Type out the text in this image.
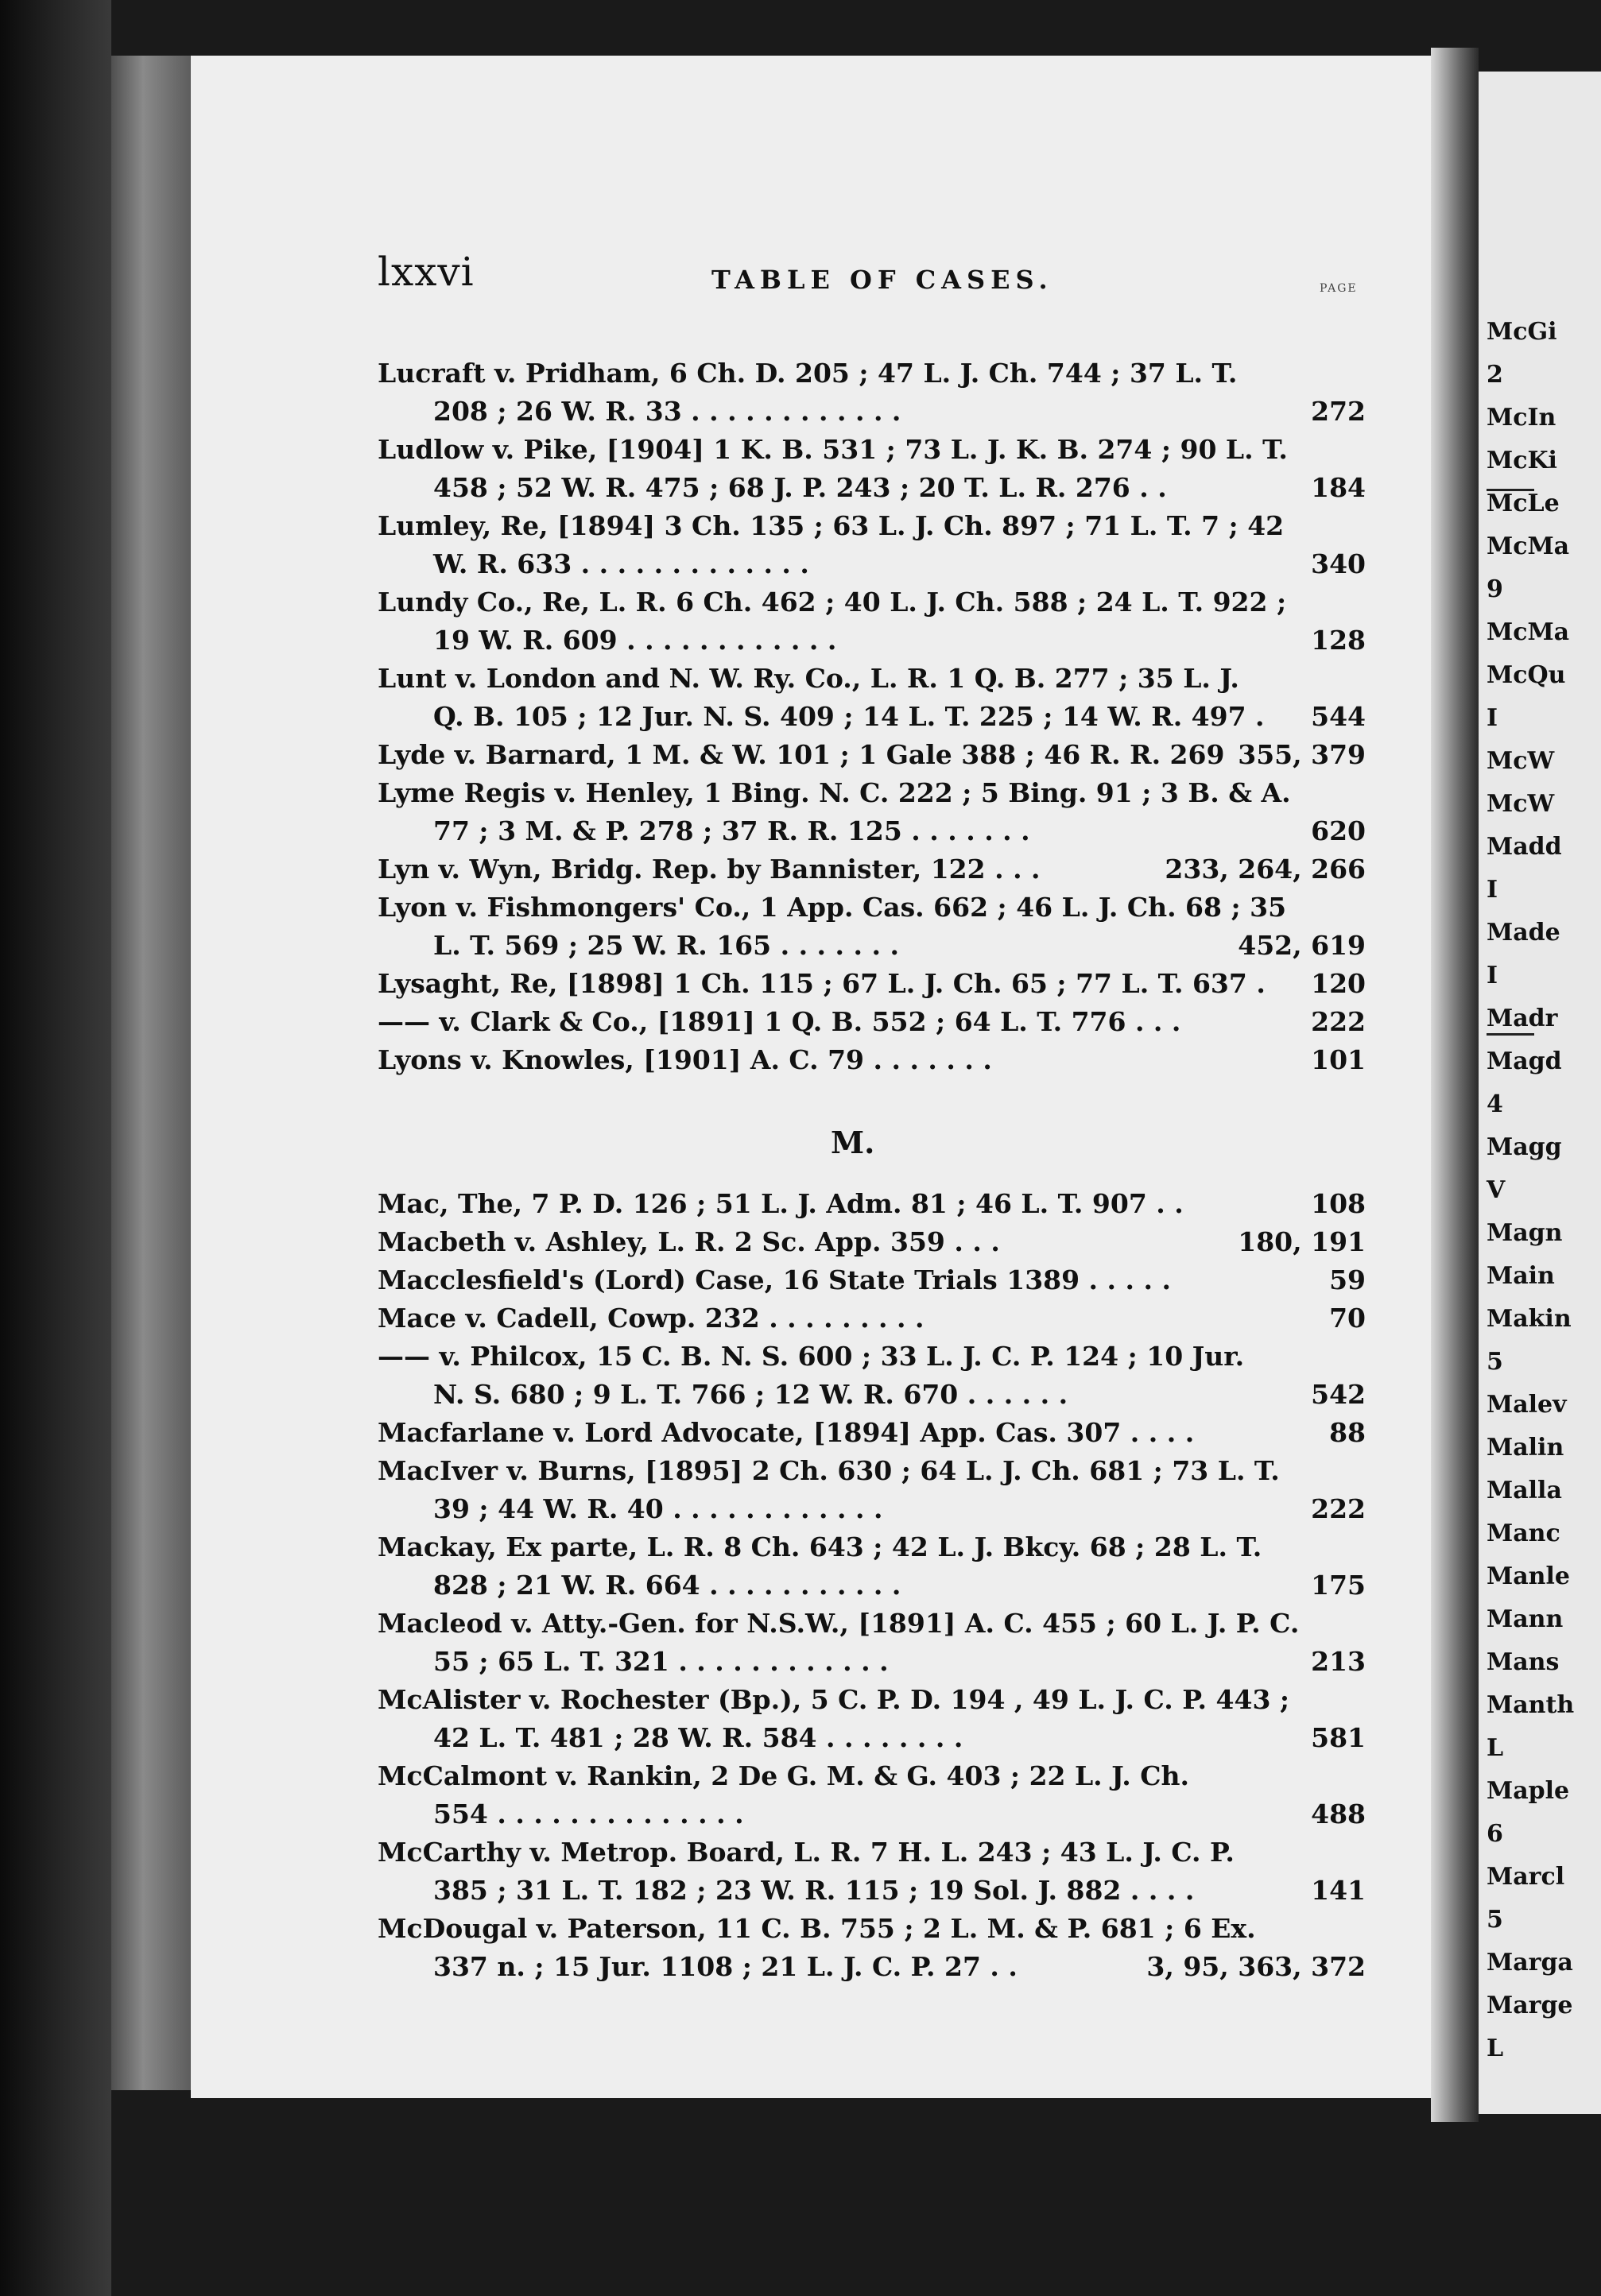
lxxvi	TABLE OF CASES.	PAGE
Lucraft v. Pridham, 6 Ch. D. 205 ; 47 L. J. Ch. 744 ; 37 L. T.
208 ; 26 W. R. 33 . . . . . . . . . . . .	272
Ludlow v. Pike, [1904] 1 K. B. 531 ; 73 L. J. K. B. 274 ; 90 L. T.
458 ; 52 W. R. 475 ; 68 J. P. 243 ; 20 T. L. R. 276 . .	184
Lumley, Re, [1894] 3 Ch. 135 ; 63 L. J. Ch. 897 ; 71 L. T. 7 ; 42
W. R. 633 . . . . . . . . . . . . .	340
Lundy Co., Re, L. R. 6 Ch. 462 ; 40 L. J. Ch. 588 ; 24 L. T. 922 ;
19 W. R. 609 . . . . . . . . . . . .	128
Lunt v. London and N. W. Ry. Co., L. R. 1 Q. B. 277 ; 35 L. J.
Q. B. 105 ; 12 Jur. N. S. 409 ; 14 L. T. 225 ; 14 W. R. 497 . 544
Lyde v. Barnard, 1 M. & W. 101 ; 1 Gale 388 ; 46 R. R. 269 355, 379
Lyme Regis v. Henley, 1 Bing. N. C. 222 ; 5 Bing. 91 ; 3 B. & A.
77 ; 3 M. & P. 278 ; 37 R. R. 125 . . . . . . .	620
Lyn v. Wyn, Bridg. Rep. by Bannister, 122 . . .	233, 264, 266
Lyon v. Fishmongers' Co., 1 App. Cas. 662 ; 46 L. J. Ch. 68 ; 35
L. T. 569 ; 25 W. R. 165 . . . . . . .	452, 619
Lysaght, Re, [1898] 1 Ch. 115 ; 67 L. J. Ch. 65 ; 77 L. T. 637 . 120
—— v. Clark & Co., [1891] 1 Q. B. 552 ; 64 L. T. 776 . . .	222
Lyons v. Knowles, [1901] A. C. 79 . . . . . . .	101
M.
Mac, The, 7 P. D. 126 ; 51 L. J. Adm. 81 ; 46 L. T. 907 . .	108
Macbeth v. Ashley, L. R. 2 Sc. App. 359 . . .	180, 191
Macclesfield's (Lord) Case, 16 State Trials 1389 . . . . .	59
Mace v. Cadell, Cowp. 232 . . . . . . . . .	70
—— v. Philcox, 15 C. B. N. S. 600 ; 33 L. J. C. P. 124 ; 10 Jur.
N. S. 680 ; 9 L. T. 766 ; 12 W. R. 670 . . . . . .	542
Macfarlane v. Lord Advocate, [1894] App. Cas. 307 . . . .	88
MacIver v. Burns, [1895] 2 Ch. 630 ; 64 L. J. Ch. 681 ; 73 L. T.
39 ; 44 W. R. 40 . . . . . . . . . . . .	222
Mackay, Ex parte, L. R. 8 Ch. 643 ; 42 L. J. Bkcy. 68 ; 28 L. T.
828 ; 21 W. R. 664 . . . . . . . . . . .	175
Macleod v. Atty.-Gen. for N.S.W., [1891] A. C. 455 ; 60 L. J. P. C.
55 ; 65 L. T. 321 . . . . . . . . . . . .	213
McAlister v. Rochester (Bp.), 5 C. P. D. 194 , 49 L. J. C. P. 443 ;
42 L. T. 481 ; 28 W. R. 584 . . . . . . . .	581
McCalmont v. Rankin, 2 De G. M. & G. 403 ; 22 L. J. Ch.
554 . . . . . . . . . . . . . .	488
McCarthy v. Metrop. Board, L. R. 7 H. L. 243 ; 43 L. J. C. P.
385 ; 31 L. T. 182 ; 23 W. R. 115 ; 19 Sol. J. 882 . . . .	141
McDougal v. Paterson, 11 C. B. 755 ; 2 L. M. & P. 681 ; 6 Ex.
337 n. ; 15 Jur. 1108 ; 21 L. J. C. P. 27 . .	3, 95, 363, 372
McGi
2
McIn
McKi
McLe
McMa
9
McMa
McQu
I
McW
McW
Madd
I
Made
I
Madr
Magd
4
Magg
V
Magn
Main
Makin
5
Malev
Malin
Malla
Manc
Manle
Mann
Mans
Manth
L
Maple
6
Marcl
5
Marga
Marge
L
